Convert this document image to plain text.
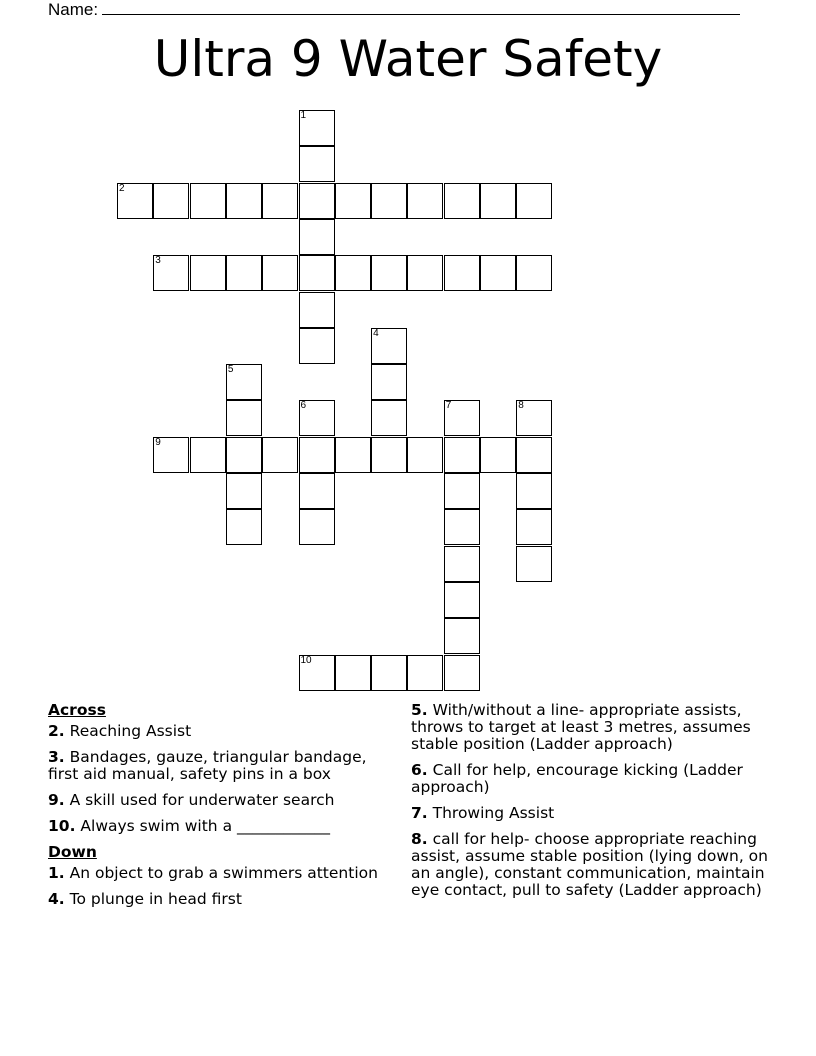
Name:
Ultra 9 Water Safety
1
2
3
4
5
6	7	8
9
10
Across
2. Reaching Assist
3. Bandages, gauze, triangular bandage, first aid manual, safety pins in a box
9. A skill used for underwater search
10. Always swim with a ____________
Down
1. An object to grab a swimmers attention
4. To plunge in head first
5. With/without a line- appropriate assists, throws to target at least 3 metres, assumes stable position (Ladder approach)
6. Call for help, encourage kicking (Ladder approach)
7. Throwing Assist
8. call for help- choose appropriate reaching assist, assume stable position (lying down, on an angle), constant communication, maintain eye contact, pull to safety (Ladder approach)
